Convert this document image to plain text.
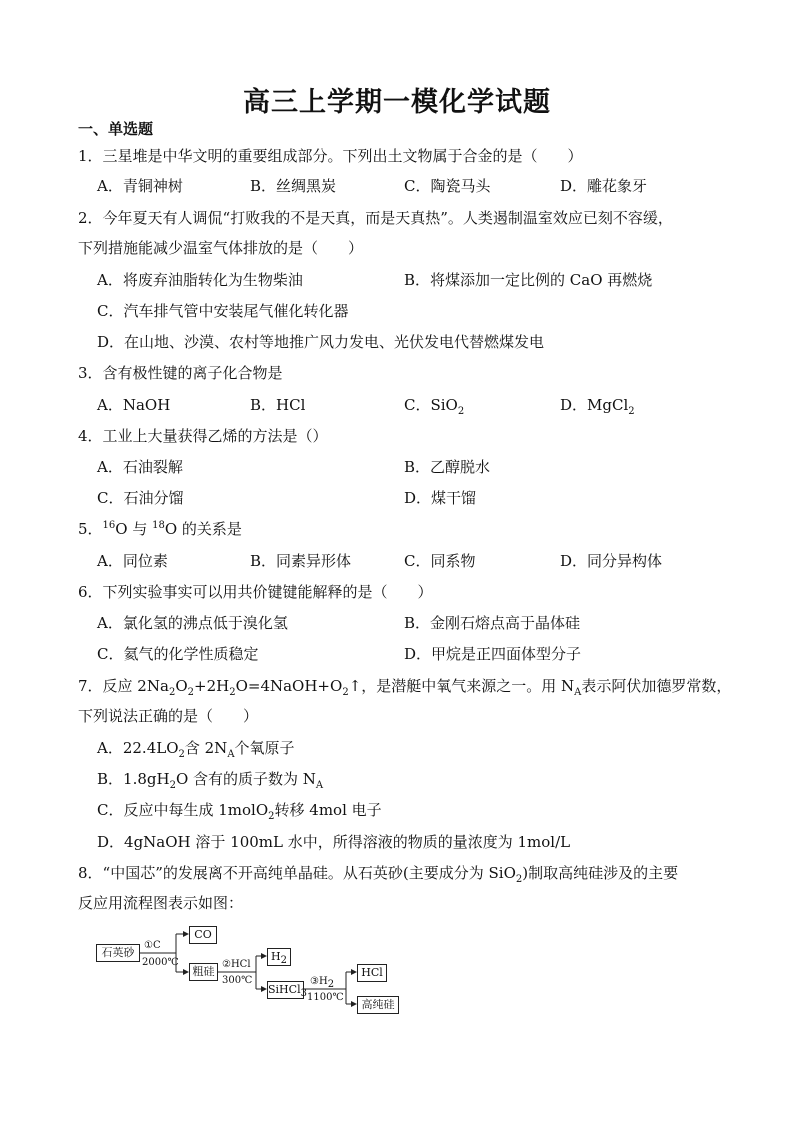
高三上学期一模化学试题
一、单选题
1．三星堆是中华文明的重要组成部分。下列出土文物属于合金的是（　　）
A．青铜神树	B．丝绸黑炭	C．陶瓷马头	D．雕花象牙
2．今年夏天有人调侃“打败我的不是天真，而是天真热”。人类遏制温室效应已刻不容缓，
下列措施能减少温室气体排放的是（　　）
A．将废弃油脂转化为生物柴油	B．将煤添加一定比例的 CaO 再燃烧
C．汽车排气管中安装尾气催化转化器
D．在山地、沙漠、农村等地推广风力发电、光伏发电代替燃煤发电
3．含有极性键的离子化合物是
A．NaOH	B．HCl	C．SiO$_2$	D．MgCl$_2$
4．工业上大量获得乙烯的方法是（）
A．石油裂解	B．乙醇脱水
C．石油分馏	D．煤干馏
5．$^{16}$O 与 $^{18}$O 的关系是
A．同位素	B．同素异形体	C．同系物	D．同分异构体
6．下列实验事实可以用共价键键能解释的是（　　）
A．氯化氢的沸点低于溴化氢	B．金刚石熔点高于晶体硅
C．氦气的化学性质稳定	D．甲烷是正四面体型分子
7．反应 $2Na_2O_2+2H_2O=4NaOH+O_2↑$，是潜艇中氧气来源之一。用 $N_A$表示阿伏加德罗常数，
下列说法正确的是（　　）
A．$22.4LO_2$含 $2N_A$个氧原子
B．$1.8gH_2O$ 含有的质子数为 $N_A$
C．反应中每生成 1molO$_2$转移 4mol 电子
D．4gNaOH 溶于 100mL 水中，所得溶液的物质的量浓度为 1mol/L
8．“中国芯”的发展离不开高纯单晶硅。从石英砂(主要成分为 SiO$_2$)制取高纯硅涉及的主要
反应用流程图表示如图：
石英砂
①C
2000℃
CO
粗硅
②HCl
300℃
$H_2$
SiHCl$_3$
$③H_2$
1100℃
HCl
高纯硅
